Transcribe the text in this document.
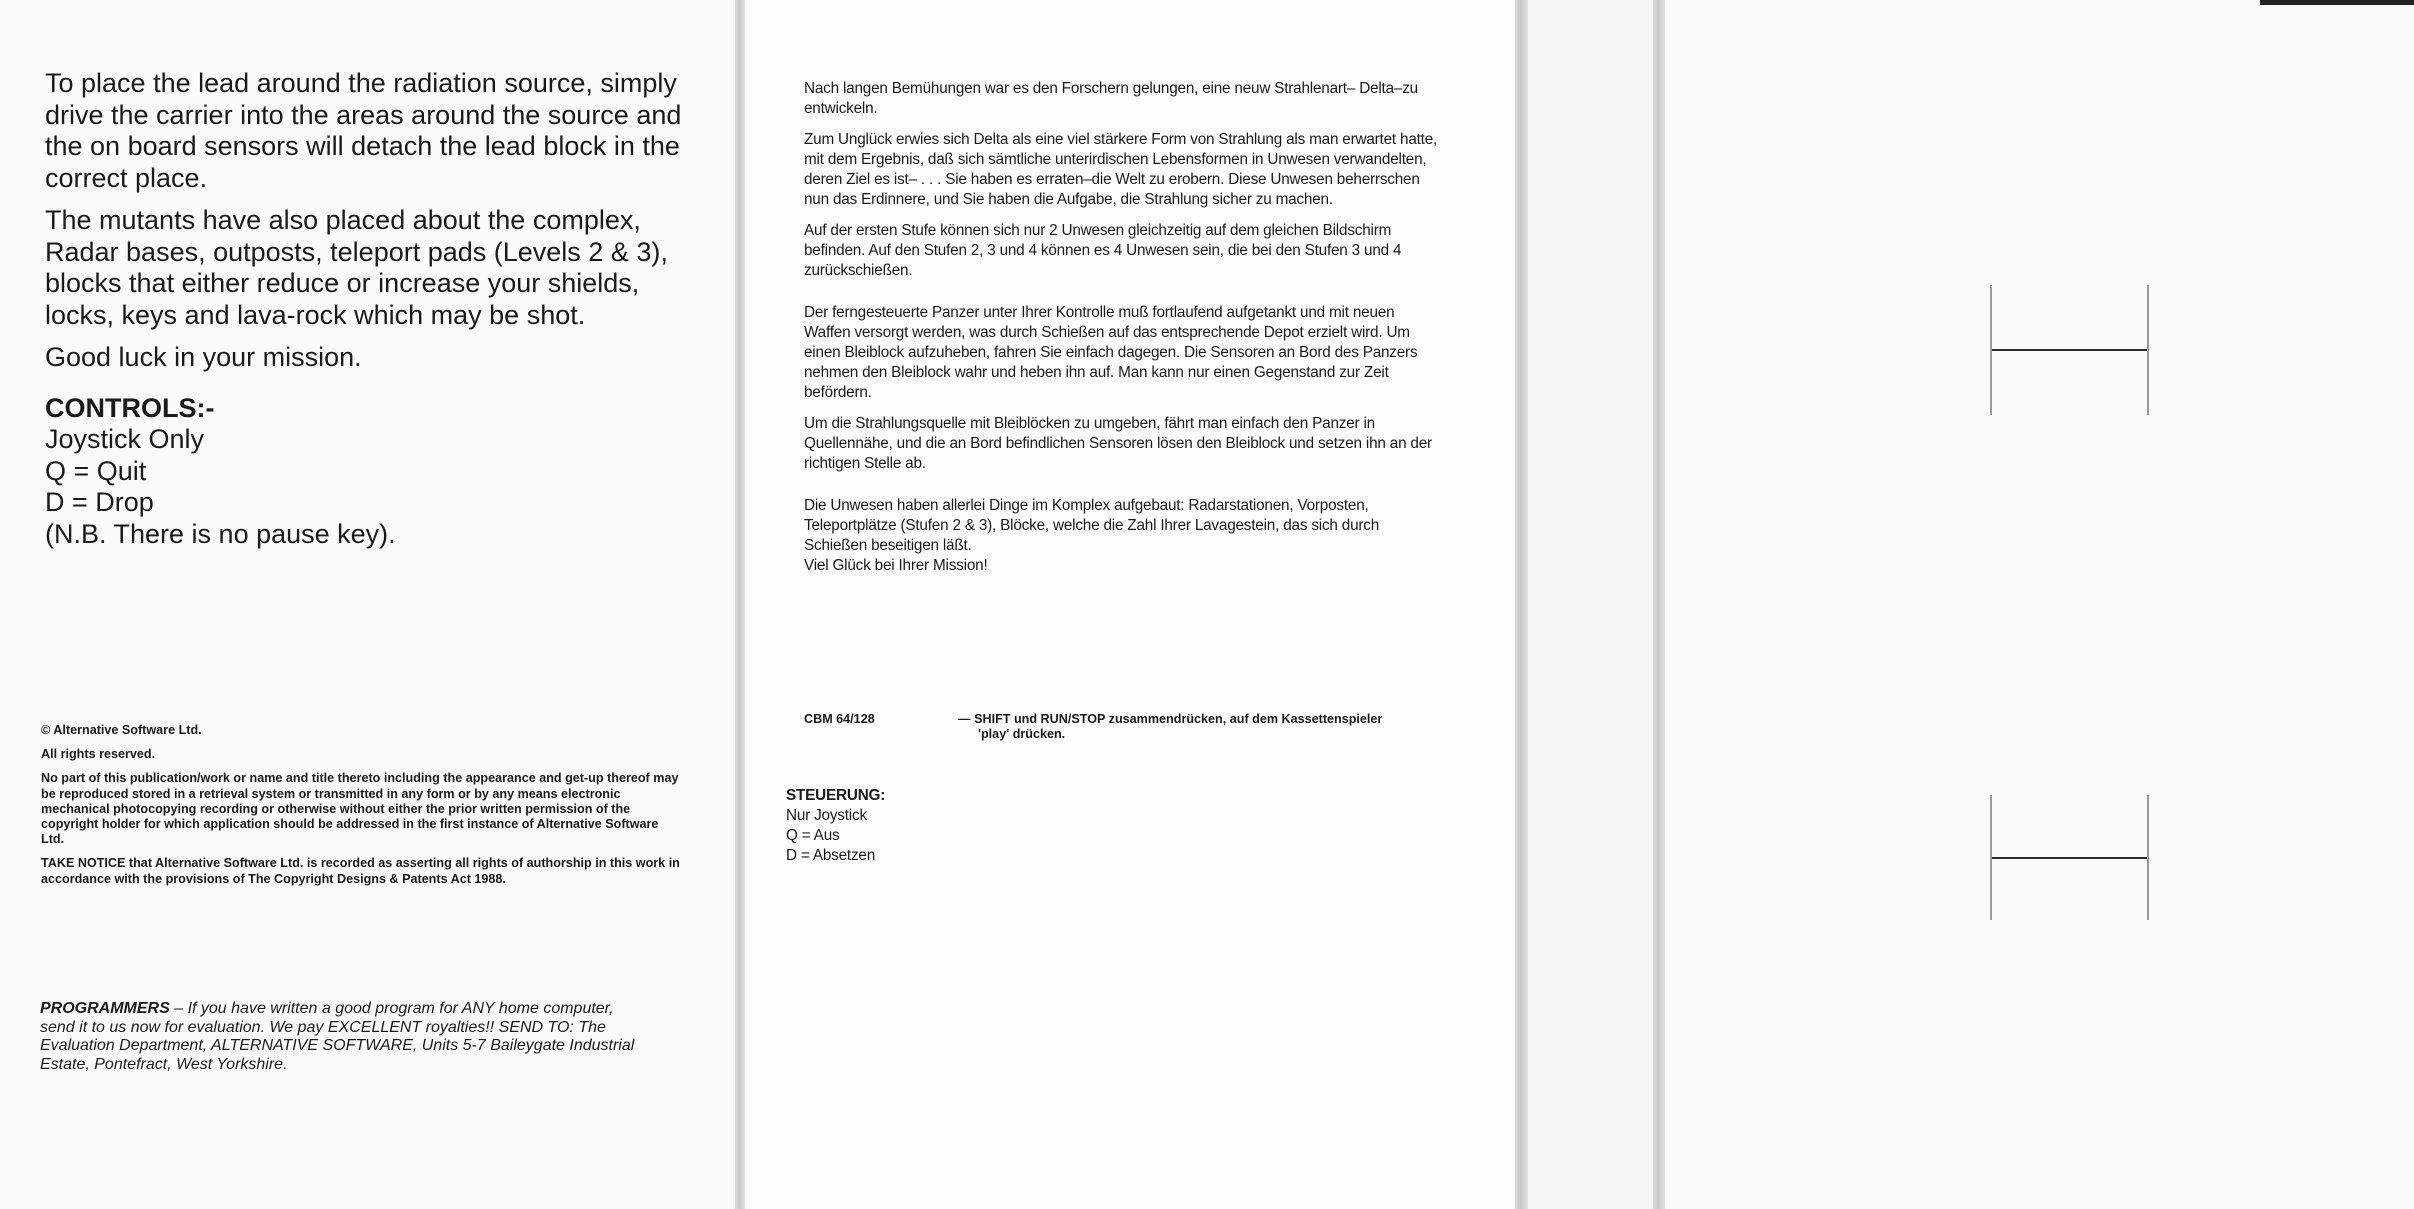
To place the lead around the radiation source, simply drive the carrier into the areas around the source and the on board sensors will detach the lead block in the correct place.

The mutants have also placed about the complex, Radar bases, outposts, teleport pads (Levels 2 & 3), blocks that either reduce or increase your shields, locks, keys and lava-rock which may be shot.

Good luck in your mission.

CONTROLS:-

Joystick Only

Q = Quit

D = Drop

(N.B. There is no pause key).

© Alternative Software Ltd.

All rights reserved.

No part of this publication/work or name and title thereto including the appearance and get-up thereof may be reproduced stored in a retrieval system or transmitted in any form or by any means electronic mechanical photocopying recording or otherwise without either the prior written permission of the copyright holder for which application should be addressed in the first instance of Alternative Software Ltd.

TAKE NOTICE that Alternative Software Ltd. is recorded as asserting all rights of authorship in this work in accordance with the provisions of The Copyright Designs & Patents Act 1988.

PROGRAMMERS – If you have written a good program for ANY home computer, send it to us now for evaluation. We pay EXCELLENT royalties!! SEND TO: The Evaluation Department, ALTERNATIVE SOFTWARE, Units 5-7 Baileygate Industrial Estate, Pontefract, West Yorkshire.

Nach langen Bemühungen war es den Forschern gelungen, eine neuw Strahlenart– Delta–zu entwickeln.

Zum Unglück erwies sich Delta als eine viel stärkere Form von Strahlung als man erwartet hatte, mit dem Ergebnis, daß sich sämtliche unterirdischen Lebensformen in Unwesen verwandelten, deren Ziel es ist– . . . Sie haben es erraten–die Welt zu erobern. Diese Unwesen beherrschen nun das Erdinnere, und Sie haben die Aufgabe, die Strahlung sicher zu machen.

Auf der ersten Stufe können sich nur 2 Unwesen gleichzeitig auf dem gleichen Bildschirm befinden. Auf den Stufen 2, 3 und 4 können es 4 Unwesen sein, die bei den Stufen 3 und 4 zurückschießen.

Der ferngesteuerte Panzer unter Ihrer Kontrolle muß fortlaufend aufgetankt und mit neuen Waffen versorgt werden, was durch Schießen auf das entsprechende Depot erzielt wird. Um einen Bleiblock aufzuheben, fahren Sie einfach dagegen. Die Sensoren an Bord des Panzers nehmen den Bleiblock wahr und heben ihn auf. Man kann nur einen Gegenstand zur Zeit befördern.

Um die Strahlungsquelle mit Bleiblöcken zu umgeben, fährt man einfach den Panzer in Quellennähe, und die an Bord befindlichen Sensoren lösen den Bleiblock und setzen ihn an der richtigen Stelle ab.

Die Unwesen haben allerlei Dinge im Komplex aufgebaut: Radarstationen, Vorposten, Teleportplätze (Stufen 2 & 3), Blöcke, welche die Zahl Ihrer Lavagestein, das sich durch Schießen beseitigen läßt.

Viel Glück bei Ihrer Mission!

CBM 64/128	— SHIFT und RUN/STOP zusammendrücken, auf dem Kassettenspieler 'play' drücken.

STEUERUNG:

Nur Joystick

Q = Aus

D = Absetzen
